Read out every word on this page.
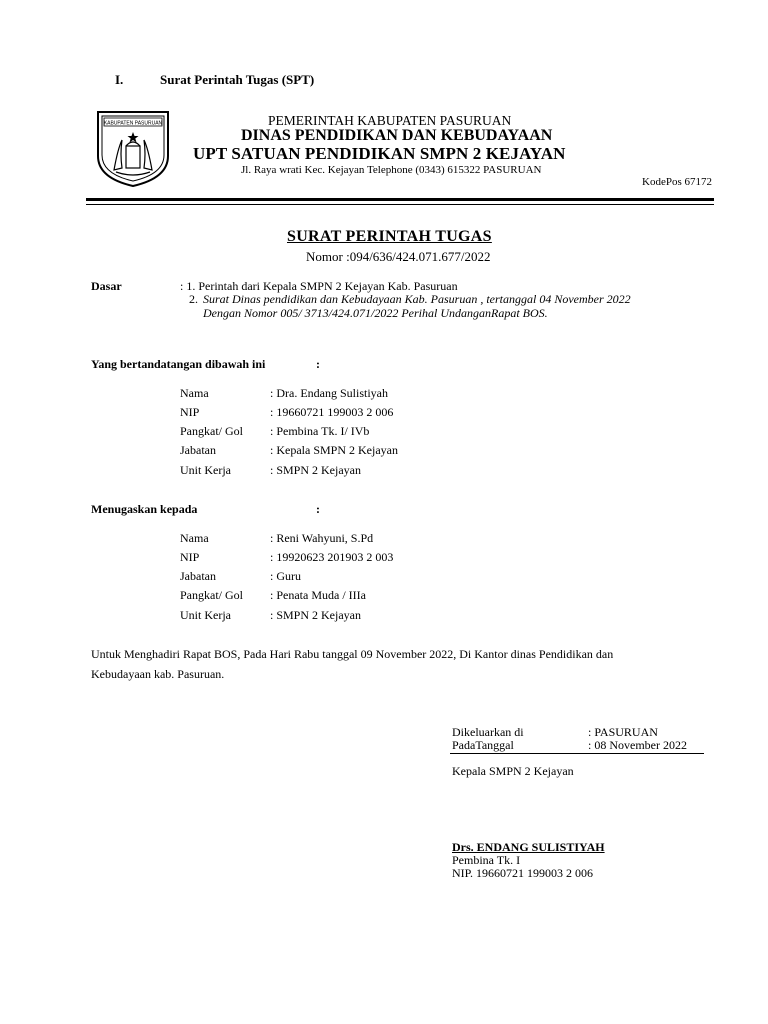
I.	Surat Perintah Tugas (SPT)
KABUPATEN PASURUAN	PEMERINTAH KABUPATEN PASURUAN
DINAS PENDIDIKAN DAN KEBUDAYAAN
UPT SATUAN PENDIDIKAN SMPN 2 KEJAYAN
Jl. Raya wrati Kec. Kejayan Telephone (0343) 615322 PASURUAN
KodePos 67172
SURAT PERINTAH TUGAS
Nomor :094/636/424.071.677/2022
Dasar	: 1. Perintah dari Kepala SMPN 2 Kejayan Kab. Pasuruan
2. Surat Dinas pendidikan dan Kebudayaan Kab. Pasuruan , tertanggal 04 November 2022
Dengan Nomor 005/ 3713/424.071/2022 Perihal UndanganRapat BOS.
Yang bertandatangan dibawah ini	:
Nama	: Dra. Endang Sulistiyah
NIP	: 19660721 199003 2 006
Pangkat/ Gol : Pembina Tk. I/ IVb
Jabatan	: Kepala SMPN 2 Kejayan
Unit Kerja	: SMPN 2 Kejayan
Menugaskan kepada	:
Nama	: Reni Wahyuni, S.Pd
NIP	: 19920623 201903 2 003
Jabatan	: Guru
Pangkat/ Gol : Penata Muda / IIIa
Unit Kerja	: SMPN 2 Kejayan
Untuk Menghadiri Rapat BOS, Pada Hari Rabu tanggal 09 November 2022, Di Kantor dinas Pendidikan dan
Kebudayaan kab. Pasuruan.
Dikeluarkan di	: PASURUAN
PadaTanggal	: 08 November 2022
Kepala SMPN 2 Kejayan
Drs. ENDANG SULISTIYAH
Pembina Tk. I
NIP. 19660721 199003 2 006
